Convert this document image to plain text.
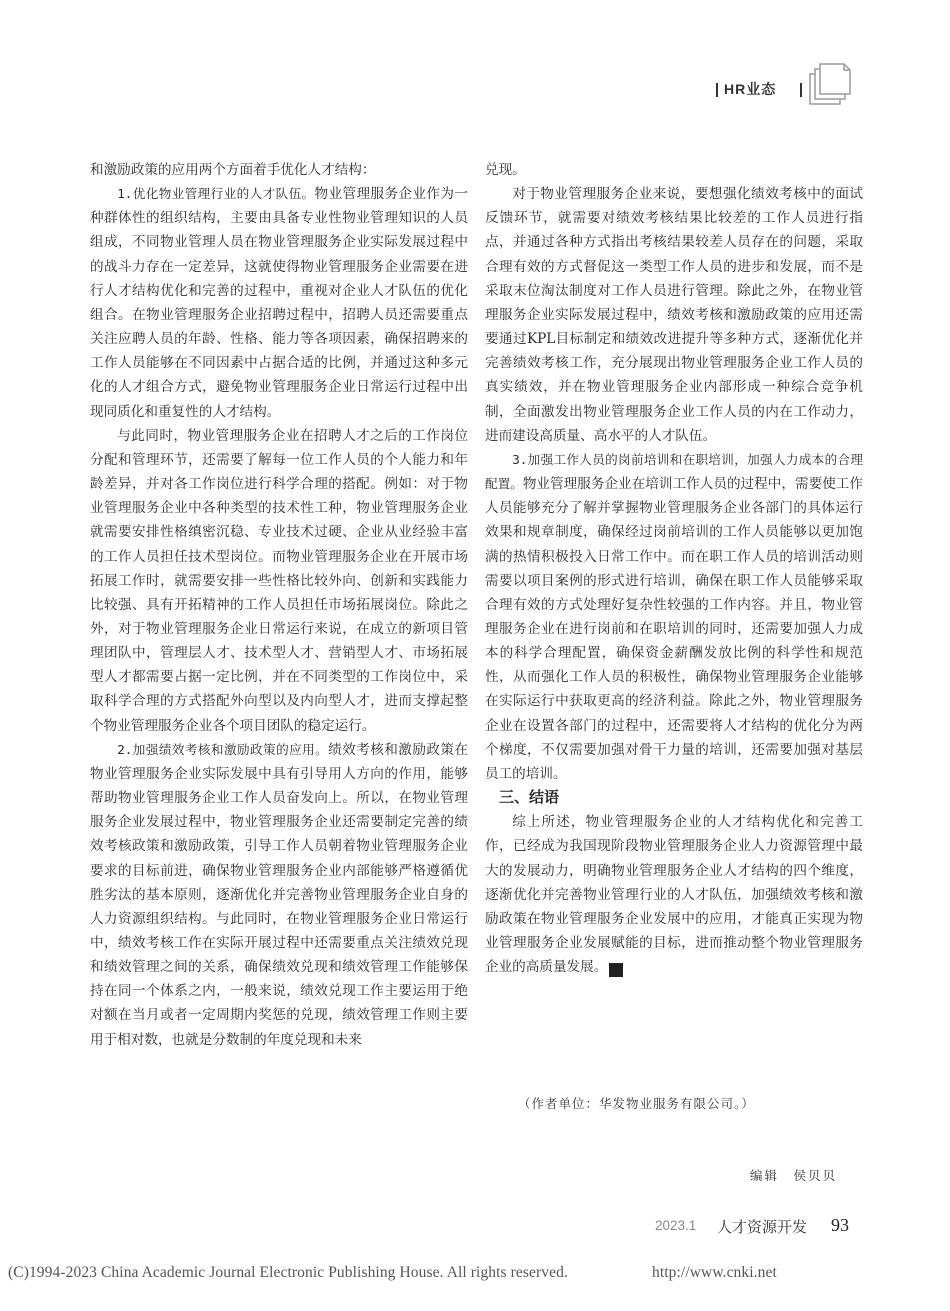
HR业态

和激励政策的应用两个方面着手优化人才结构：

1.优化物业管理行业的人才队伍。物业管理服务企业作为一种群体性的组织结构，主要由具备专业性物业管理知识的人员组成，不同物业管理人员在物业管理服务企业实际发展过程中的战斗力存在一定差异，这就使得物业管理服务企业需要在进行人才结构优化和完善的过程中，重视对企业人才队伍的优化组合。在物业管理服务企业招聘过程中，招聘人员还需要重点关注应聘人员的年龄、性格、能力等各项因素，确保招聘来的工作人员能够在不同因素中占据合适的比例，并通过这种多元化的人才组合方式，避免物业管理服务企业日常运行过程中出现同质化和重复性的人才结构。

与此同时，物业管理服务企业在招聘人才之后的工作岗位分配和管理环节，还需要了解每一位工作人员的个人能力和年龄差异，并对各工作岗位进行科学合理的搭配。例如：对于物业管理服务企业中各种类型的技术性工种，物业管理服务企业就需要安排性格缜密沉稳、专业技术过硬、企业从业经验丰富的工作人员担任技术型岗位。而物业管理服务企业在开展市场拓展工作时，就需要安排一些性格比较外向、创新和实践能力比较强、具有开拓精神的工作人员担任市场拓展岗位。除此之外，对于物业管理服务企业日常运行来说，在成立的新项目管理团队中，管理层人才、技术型人才、营销型人才、市场拓展型人才都需要占据一定比例，并在不同类型的工作岗位中，采取科学合理的方式搭配外向型以及内向型人才，进而支撑起整个物业管理服务企业各个项目团队的稳定运行。

2.加强绩效考核和激励政策的应用。绩效考核和激励政策在物业管理服务企业实际发展中具有引导用人方向的作用，能够帮助物业管理服务企业工作人员奋发向上。所以，在物业管理服务企业发展过程中，物业管理服务企业还需要制定完善的绩效考核政策和激励政策，引导工作人员朝着物业管理服务企业要求的目标前进，确保物业管理服务企业内部能够严格遵循优胜劣汰的基本原则，逐渐优化并完善物业管理服务企业自身的人力资源组织结构。与此同时，在物业管理服务企业日常运行中，绩效考核工作在实际开展过程中还需要重点关注绩效兑现和绩效管理之间的关系，确保绩效兑现和绩效管理工作能够保持在同一个体系之内，一般来说，绩效兑现工作主要运用于绝对额在当月或者一定周期内奖惩的兑现，绩效管理工作则主要用于相对数，也就是分数制的年度兑现和未来

兑现。

对于物业管理服务企业来说，要想强化绩效考核中的面试反馈环节，就需要对绩效考核结果比较差的工作人员进行指点，并通过各种方式指出考核结果较差人员存在的问题，采取合理有效的方式督促这一类型工作人员的进步和发展，而不是采取末位淘汰制度对工作人员进行管理。除此之外，在物业管理服务企业实际发展过程中，绩效考核和激励政策的应用还需要通过KPL目标制定和绩效改进提升等多种方式，逐渐优化并完善绩效考核工作，充分展现出物业管理服务企业工作人员的真实绩效，并在物业管理服务企业内部形成一种综合竞争机制，全面激发出物业管理服务企业工作人员的内在工作动力，进而建设高质量、高水平的人才队伍。

3.加强工作人员的岗前培训和在职培训，加强人力成本的合理配置。物业管理服务企业在培训工作人员的过程中，需要使工作人员能够充分了解并掌握物业管理服务企业各部门的具体运行效果和规章制度，确保经过岗前培训的工作人员能够以更加饱满的热情积极投入日常工作中。而在职工作人员的培训活动则需要以项目案例的形式进行培训，确保在职工作人员能够采取合理有效的方式处理好复杂性较强的工作内容。并且，物业管理服务企业在进行岗前和在职培训的同时，还需要加强人力成本的科学合理配置，确保资金薪酬发放比例的科学性和规范性，从而强化工作人员的积极性，确保物业管理服务企业能够在实际运行中获取更高的经济利益。除此之外，物业管理服务企业在设置各部门的过程中，还需要将人才结构的优化分为两个梯度，不仅需要加强对骨干力量的培训，还需要加强对基层员工的培训。

三、结语

综上所述，物业管理服务企业的人才结构优化和完善工作，已经成为我国现阶段物业管理服务企业人力资源管理中最大的发展动力，明确物业管理服务企业人才结构的四个维度，逐渐优化并完善物业管理行业的人才队伍，加强绩效考核和激励政策在物业管理服务企业发展中的应用，才能真正实现为物业管理服务企业发展赋能的目标，进而推动整个物业管理服务企业的高质量发展。	R

（作者单位：华发物业服务有限公司。）
编辑　侯贝贝
2023.1 人才资源开发 93
(C)1994-2023 China Academic Journal Electronic Publishing House. All rights reserved.	http://www.cnki.net
